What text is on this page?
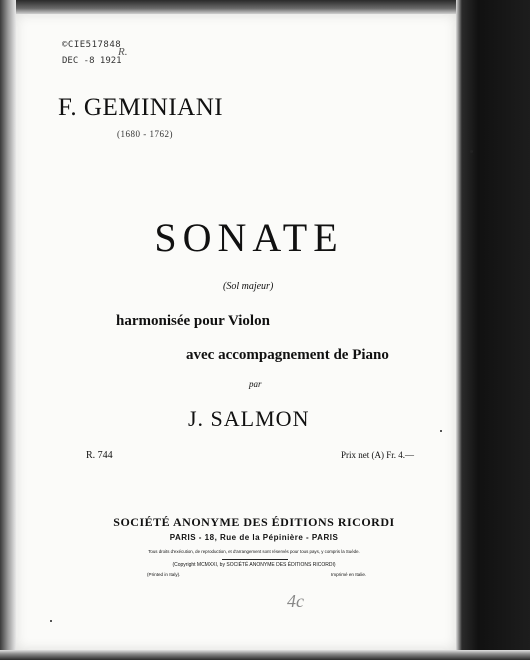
©CIE517848
DEC -8 1921
R.
F. GEMINIANI
(1680 - 1762)
SONATE
(Sol majeur)
harmonisée pour Violon
avec accompagnement de Piano
par
J. SALMON
R. 744	Prix net (A) Fr. 4.—
SOCIÉTÉ ANONYME DES ÉDITIONS RICORDI
PARIS - 18, Rue de la Pépinière - PARIS
Tous droits d'exécution, de reproduction, et d'arrangement sont réservés pour tous pays, y compris la Suède.
(Copyright MCMXXI, by SOCIÉTÉ ANONYME DES ÉDITIONS RICORDI)
(Printed in Italy).	Imprimé en Italie.
4c
